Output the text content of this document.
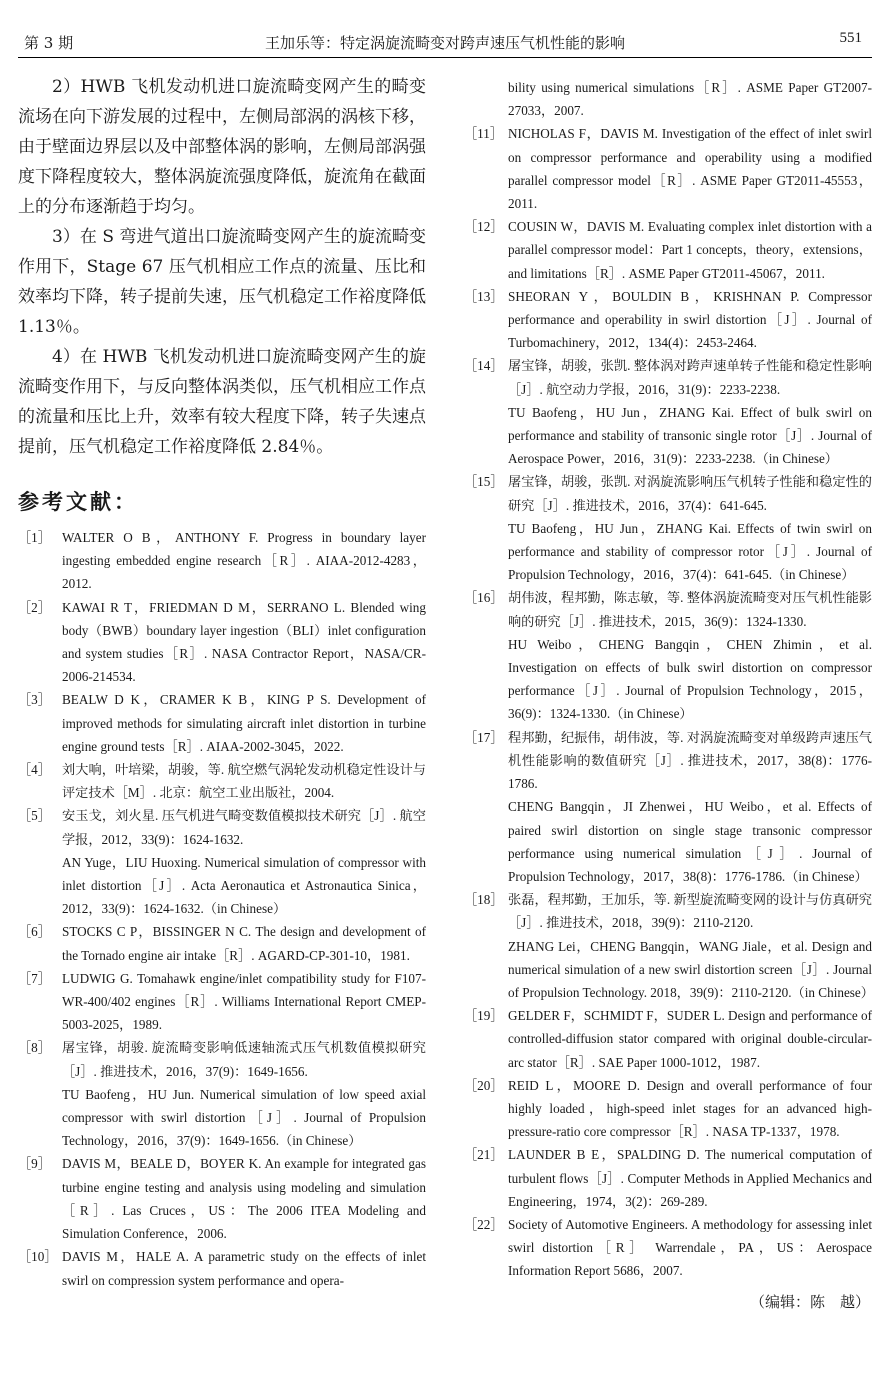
第 3 期	王加乐等：特定涡旋流畸变对跨声速压气机性能的影响	551

2）HWB 飞机发动机进口旋流畸变网产生的畸变流场在向下游发展的过程中，左侧局部涡的涡核下移，由于壁面边界层以及中部整体涡的影响，左侧局部涡强度下降程度较大，整体涡旋流强度降低，旋流角在截面上的分布逐渐趋于均匀。

3）在 S 弯进气道出口旋流畸变网产生的旋流畸变作用下，Stage 67 压气机相应工作点的流量、压比和效率均下降，转子提前失速，压气机稳定工作裕度降低 1.13％。

4）在 HWB 飞机发动机进口旋流畸变网产生的旋流畸变作用下，与反向整体涡类似，压气机相应工作点的流量和压比上升，效率有较大程度下降，转子失速点提前，压气机稳定工作裕度降低 2.84％。

参考文献：
［1］ WALTER O B，ANTHONY F. Progress in boundary layer ingesting embedded engine research［R］. AIAA-2012-4283，2012.
［2］ KAWAI R T，FRIEDMAN D M，SERRANO L. Blended wing body（BWB）boundary layer ingestion（BLI）inlet configuration and system studies［R］. NASA Contractor Report，NASA/CR-2006-214534.
［3］ BEALW D K，CRAMER K B，KING P S. Development of improved methods for simulating aircraft inlet distortion in turbine engine ground tests［R］. AIAA-2002-3045，2022.
［4］ 刘大响，叶培梁，胡骏，等. 航空燃气涡轮发动机稳定性设计与评定技术［M］. 北京：航空工业出版社，2004.
［5］ 安玉戈，刘火星. 压气机进气畸变数值模拟技术研究［J］. 航空学报，2012，33(9)：1624-1632.
AN Yuge，LIU Huoxing. Numerical simulation of compressor with inlet distortion［J］. Acta Aeronautica et Astronautica Sinica，2012，33(9)：1624-1632.（in Chinese）
［6］ STOCKS C P，BISSINGER N C. The design and development of the Tornado engine air intake［R］. AGARD-CP-301-10，1981.
［7］ LUDWIG G. Tomahawk engine/inlet compatibility study for F107-WR-400/402 engines［R］. Williams International Report CMEP-5003-2025，1989.
［8］ 屠宝锋，胡骏. 旋流畸变影响低速轴流式压气机数值模拟研究［J］. 推进技术，2016，37(9)：1649-1656.
TU Baofeng，HU Jun. Numerical simulation of low speed axial compressor with swirl distortion［J］. Journal of Propulsion Technology，2016，37(9)：1649-1656.（in Chinese）
［9］ DAVIS M，BEALE D，BOYER K. An example for integrated gas turbine engine testing and analysis using modeling and simulation［R］. Las Cruces，US：The 2006 ITEA Modeling and Simulation Conference，2006.
［10］ DAVIS M，HALE A. A parametric study on the effects of inlet swirl on compression system performance and opera-
bility using numerical simulations［R］. ASME Paper GT2007-27033，2007.
［11］ NICHOLAS F，DAVIS M. Investigation of the effect of inlet swirl on compressor performance and operability using a modified parallel compressor model［R］. ASME Paper GT2011-45553，2011.
［12］ COUSIN W，DAVIS M. Evaluating complex inlet distortion with a parallel compressor model：Part 1 concepts，theory，extensions，and limitations［R］. ASME Paper GT2011-45067，2011.
［13］ SHEORAN Y，BOULDIN B，KRISHNAN P. Compressor performance and operability in swirl distortion［J］. Journal of Turbomachinery，2012，134(4)：2453-2464.
［14］ 屠宝锋，胡骏，张凯. 整体涡对跨声速单转子性能和稳定性影响［J］. 航空动力学报，2016，31(9)：2233-2238.
TU Baofeng，HU Jun，ZHANG Kai. Effect of bulk swirl on performance and stability of transonic single rotor［J］. Journal of Aerospace Power，2016，31(9)：2233-2238.（in Chinese）
［15］ 屠宝锋，胡骏，张凯. 对涡旋流影响压气机转子性能和稳定性的研究［J］. 推进技术，2016，37(4)：641-645.
TU Baofeng，HU Jun，ZHANG Kai. Effects of twin swirl on performance and stability of compressor rotor［J］. Journal of Propulsion Technology，2016，37(4)：641-645.（in Chinese）
［16］ 胡伟波，程邦勤，陈志敏，等. 整体涡旋流畸变对压气机性能影响的研究［J］. 推进技术，2015，36(9)：1324-1330.
HU Weibo，CHENG Bangqin，CHEN Zhimin，et al. Investigation on effects of bulk swirl distortion on compressor performance［J］. Journal of Propulsion Technology，2015，36(9)：1324-1330.（in Chinese）
［17］ 程邦勤，纪振伟，胡伟波，等. 对涡旋流畸变对单级跨声速压气机性能影响的数值研究［J］. 推进技术，2017，38(8)：1776-1786.
CHENG Bangqin，JI Zhenwei，HU Weibo，et al. Effects of paired swirl distortion on single stage transonic compressor performance using numerical simulation［J］. Journal of Propulsion Technology，2017，38(8)：1776-1786.（in Chinese）
［18］ 张磊，程邦勤，王加乐，等. 新型旋流畸变网的设计与仿真研究［J］. 推进技术，2018，39(9)：2110-2120.
ZHANG Lei，CHENG Bangqin，WANG Jiale，et al. Design and numerical simulation of a new swirl distortion screen［J］. Journal of Propulsion Technology. 2018，39(9)：2110-2120.（in Chinese）
［19］ GELDER F，SCHMIDT F，SUDER L. Design and performance of controlled-diffusion stator compared with original double-circular-arc stator［R］. SAE Paper 1000-1012，1987.
［20］ REID L，MOORE D. Design and overall performance of four highly loaded，high-speed inlet stages for an advanced high-pressure-ratio core compressor［R］. NASA TP-1337，1978.
［21］ LAUNDER B E，SPALDING D. The numerical computation of turbulent flows［J］. Computer Methods in Applied Mechanics and Engineering，1974，3(2)：269-289.
［22］ Society of Automotive Engineers. A methodology for assessing inlet swirl distortion［R］ Warrendale，PA，US：Aerospace Information Report 5686，2007.
（编辑：陈　越）
